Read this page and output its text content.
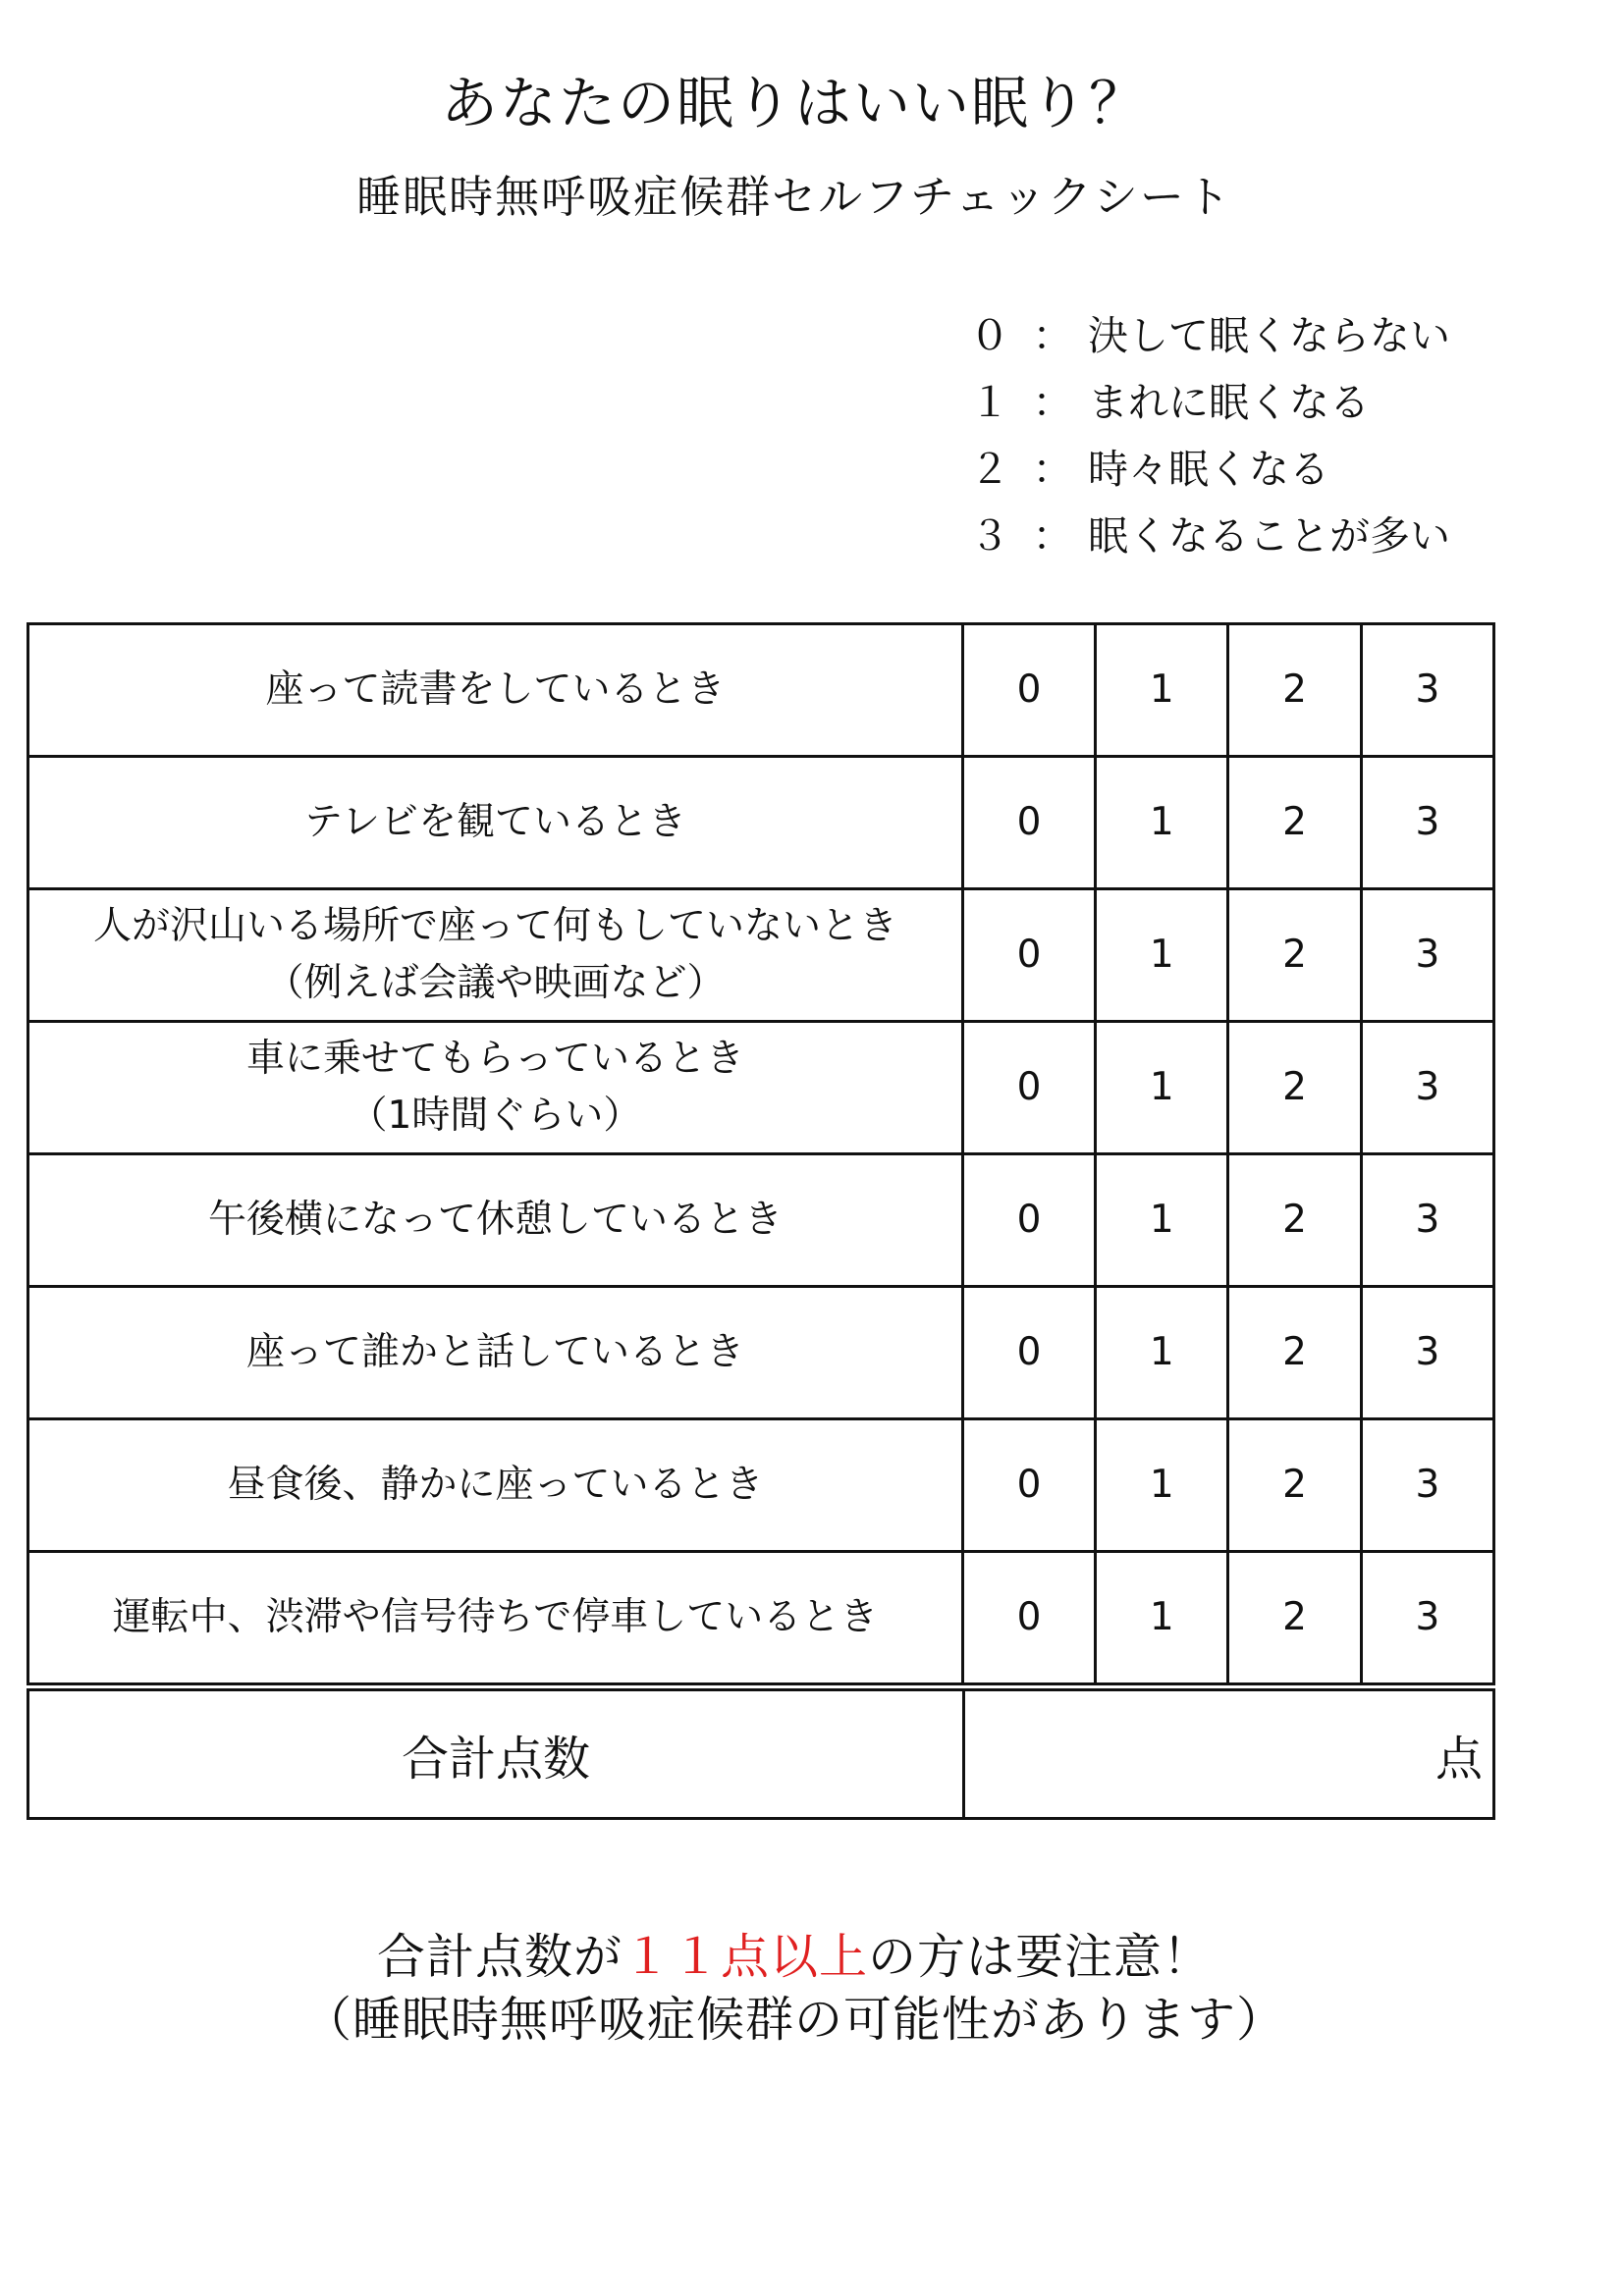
あなたの眠りはいい眠り？
睡眠時無呼吸症候群セルフチェックシート
０ ： 決して眠くならない
１ ： まれに眠くなる
２ ： 時々眠くなる
３ ： 眠くなることが多い
座って読書をしているとき	0	1	2	3

テレビを観ているとき	0	1	2	3

人が沢山いる場所で座って何もしていないとき
（例えば会議や映画など）	0	1	2	3

車に乗せてもらっているとき
（1時間ぐらい）	0	1	2	3

午後横になって休憩しているとき	0	1	2	3

座って誰かと話しているとき	0	1	2	3

昼食後、静かに座っているとき	0	1	2	3

運転中、渋滞や信号待ちで停車しているとき	0	1	2	3
合計点数	点
合計点数が１１点以上の方は要注意！
（睡眠時無呼吸症候群の可能性があります）
